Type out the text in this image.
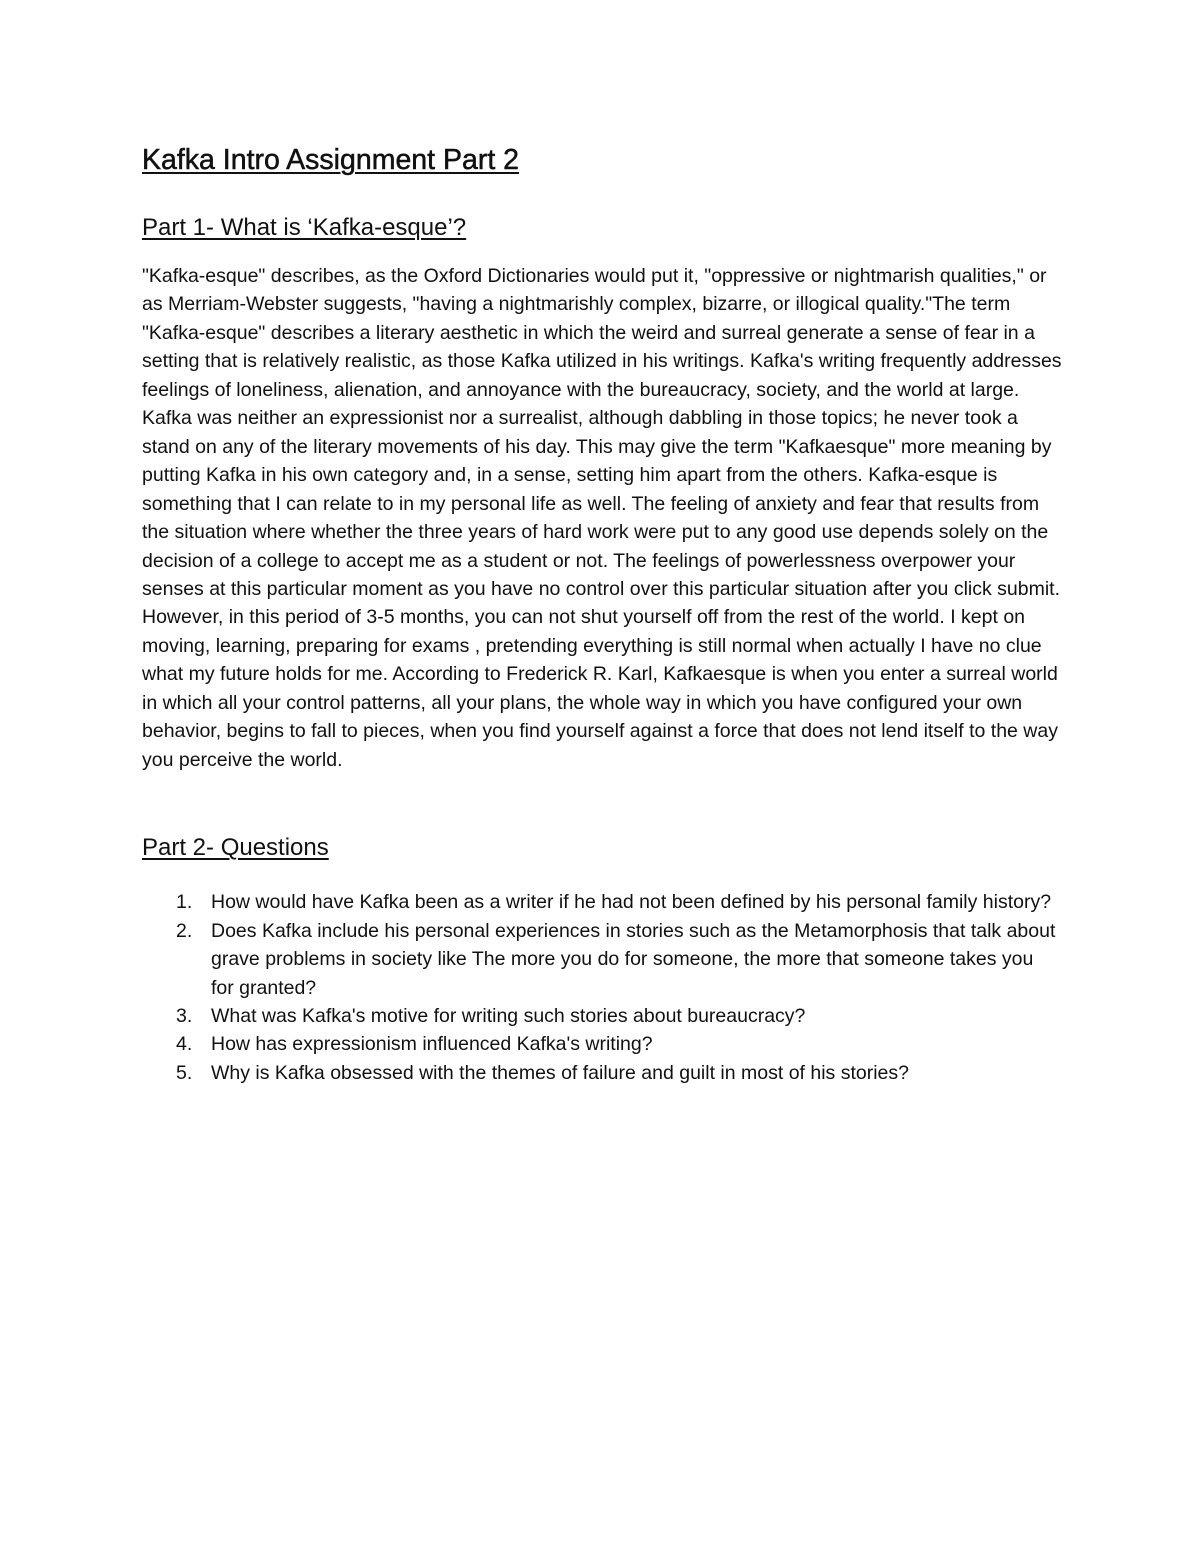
Kafka Intro Assignment Part 2
Part 1- What is ‘Kafka-esque’?

"Kafka-esque" describes, as the Oxford Dictionaries would put it, "oppressive or nightmarish qualities," or as Merriam-Webster suggests, "having a nightmarishly complex, bizarre, or illogical quality."The term "Kafka-esque" describes a literary aesthetic in which the weird and surreal generate a sense of fear in a setting that is relatively realistic, as those Kafka utilized in his writings. Kafka's writing frequently addresses feelings of loneliness, alienation, and annoyance with the bureaucracy, society, and the world at large. Kafka was neither an expressionist nor a surrealist, although dabbling in those topics; he never took a stand on any of the literary movements of his day. This may give the term "Kafkaesque" more meaning by putting Kafka in his own category and, in a sense, setting him apart from the others. Kafka-esque is something that I can relate to in my personal life as well. The feeling of anxiety and fear that results from the situation where whether the three years of hard work were put to any good use depends solely on the decision of a college to accept me as a student or not. The feelings of powerlessness overpower your senses at this particular moment as you have no control over this particular situation after you click submit. However, in this period of 3-5 months, you can not shut yourself off from the rest of the world. I kept on moving, learning, preparing for exams , pretending everything is still normal when actually I have no clue what my future holds for me. According to Frederick R. Karl, Kafkaesque is when you enter a surreal world in which all your control patterns, all your plans, the whole way in which you have configured your own behavior, begins to fall to pieces, when you find yourself against a force that does not lend itself to the way you perceive the world.

Part 2- Questions
1. How would have Kafka been as a writer if he had not been defined by his personal family history?
2. Does Kafka include his personal experiences in stories such as the Metamorphosis that talk about grave problems in society like The more you do for someone, the more that someone takes you for granted?
3. What was Kafka's motive for writing such stories about bureaucracy?
4. How has expressionism influenced Kafka's writing?
5. Why is Kafka obsessed with the themes of failure and guilt in most of his stories?
